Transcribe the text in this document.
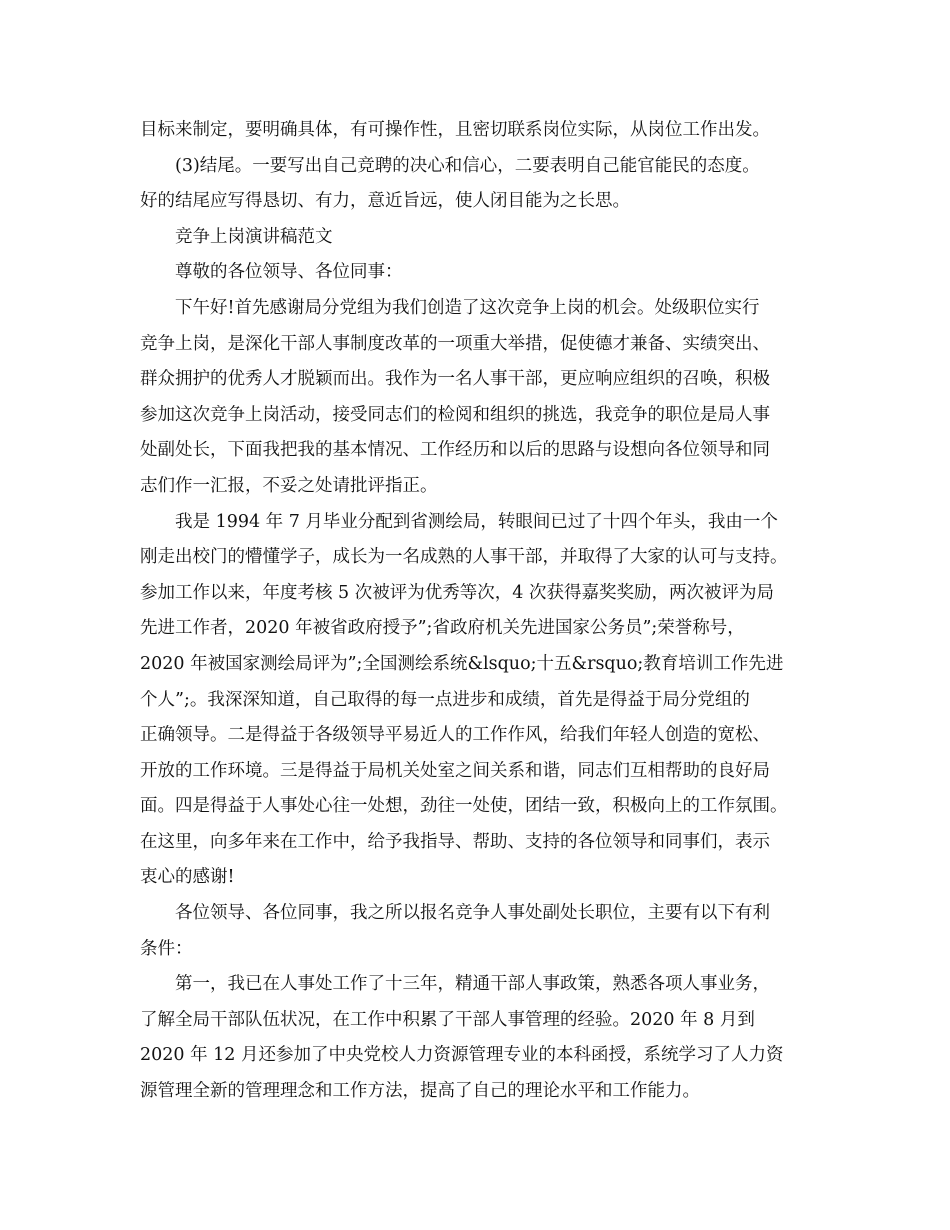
目标来制定，要明确具体，有可操作性，且密切联系岗位实际，从岗位工作出发。
(3)结尾。一要写出自己竞聘的决心和信心，二要表明自己能官能民的态度。
好的结尾应写得恳切、有力，意近旨远，使人闭目能为之长思。
竞争上岗演讲稿范文
尊敬的各位领导、各位同事：
下午好!首先感谢局分党组为我们创造了这次竞争上岗的机会。处级职位实行
竞争上岗，是深化干部人事制度改革的一项重大举措，促使德才兼备、实绩突出、
群众拥护的优秀人才脱颖而出。我作为一名人事干部，更应响应组织的召唤，积极
参加这次竞争上岗活动，接受同志们的检阅和组织的挑选，我竞争的职位是局人事
处副处长，下面我把我的基本情况、工作经历和以后的思路与设想向各位领导和同
志们作一汇报，不妥之处请批评指正。
我是 1994 年 7 月毕业分配到省测绘局，转眼间已过了十四个年头，我由一个
刚走出校门的懵懂学子，成长为一名成熟的人事干部，并取得了大家的认可与支持。
参加工作以来，年度考核 5 次被评为优秀等次，4 次获得嘉奖奖励，两次被评为局
先进工作者，2020 年被省政府授予”;省政府机关先进国家公务员”;荣誉称号，
2020 年被国家测绘局评为”;全国测绘系统&lsquo;十五&rsquo;教育培训工作先进
个人”;。我深深知道，自己取得的每一点进步和成绩，首先是得益于局分党组的
正确领导。二是得益于各级领导平易近人的工作作风，给我们年轻人创造的宽松、
开放的工作环境。三是得益于局机关处室之间关系和谐，同志们互相帮助的良好局
面。四是得益于人事处心往一处想，劲往一处使，团结一致，积极向上的工作氛围。
在这里，向多年来在工作中，给予我指导、帮助、支持的各位领导和同事们，表示
衷心的感谢!
各位领导、各位同事，我之所以报名竞争人事处副处长职位，主要有以下有利
条件：
第一，我已在人事处工作了十三年，精通干部人事政策，熟悉各项人事业务，
了解全局干部队伍状况，在工作中积累了干部人事管理的经验。2020 年 8 月到
2020 年 12 月还参加了中央党校人力资源管理专业的本科函授，系统学习了人力资
源管理全新的管理理念和工作方法，提高了自己的理论水平和工作能力。
